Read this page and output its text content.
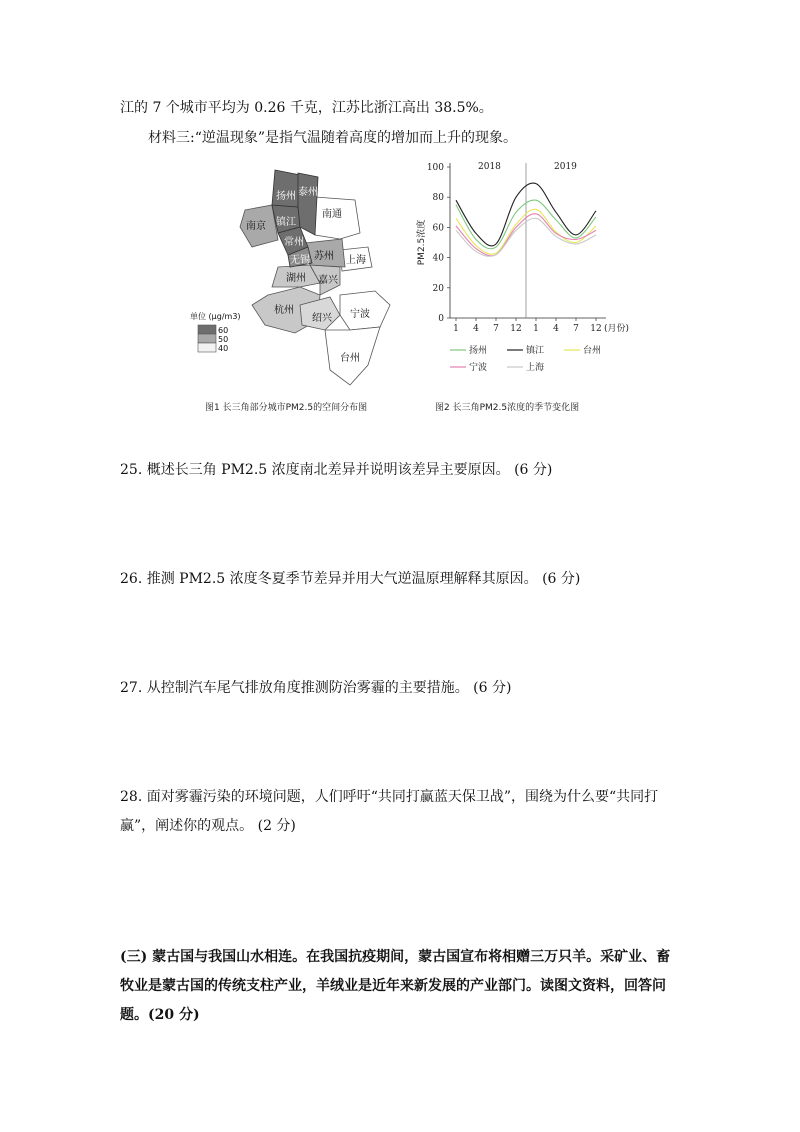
江的 7 个城市平均为 0.26 千克，江苏比浙江高出 38.5%。
材料三:“逆温现象”是指气温随着高度的增加而上升的现象。
泰州
扬州
南通
南京 镇江
常州
无锡 苏州 上海
湖州 嘉兴
杭州
绍兴 宁波
台州
单位 (μg/m3)
60
50
40
图1 长三角部分城市PM2.5的空间分布图
2018	2019
0
20
40
60
80
100
PM2.5浓度
1 4 7 12 1 4 7 12 (月份)
扬州	镇江	台州
宁波	上海
图2 长三角PM2.5浓度的季节变化图
25. 概述长三角 PM2.5 浓度南北差异并说明该差异主要原因。 (6 分)
26. 推测 PM2.5 浓度冬夏季节差异并用大气逆温原理解释其原因。 (6 分)
27. 从控制汽车尾气排放角度推测防治雾霾的主要措施。 (6 分)
28. 面对雾霾污染的环境问题，人们呼吁“共同打赢蓝天保卫战”，围绕为什么要“共同打
赢”，阐述你的观点。 (2 分)
(三) 蒙古国与我国山水相连。在我国抗疫期间，蒙古国宣布将相赠三万只羊。采矿业、畜
牧业是蒙古国的传统支柱产业，羊绒业是近年来新发展的产业部门。读图文资料，回答问
题。(20 分)
